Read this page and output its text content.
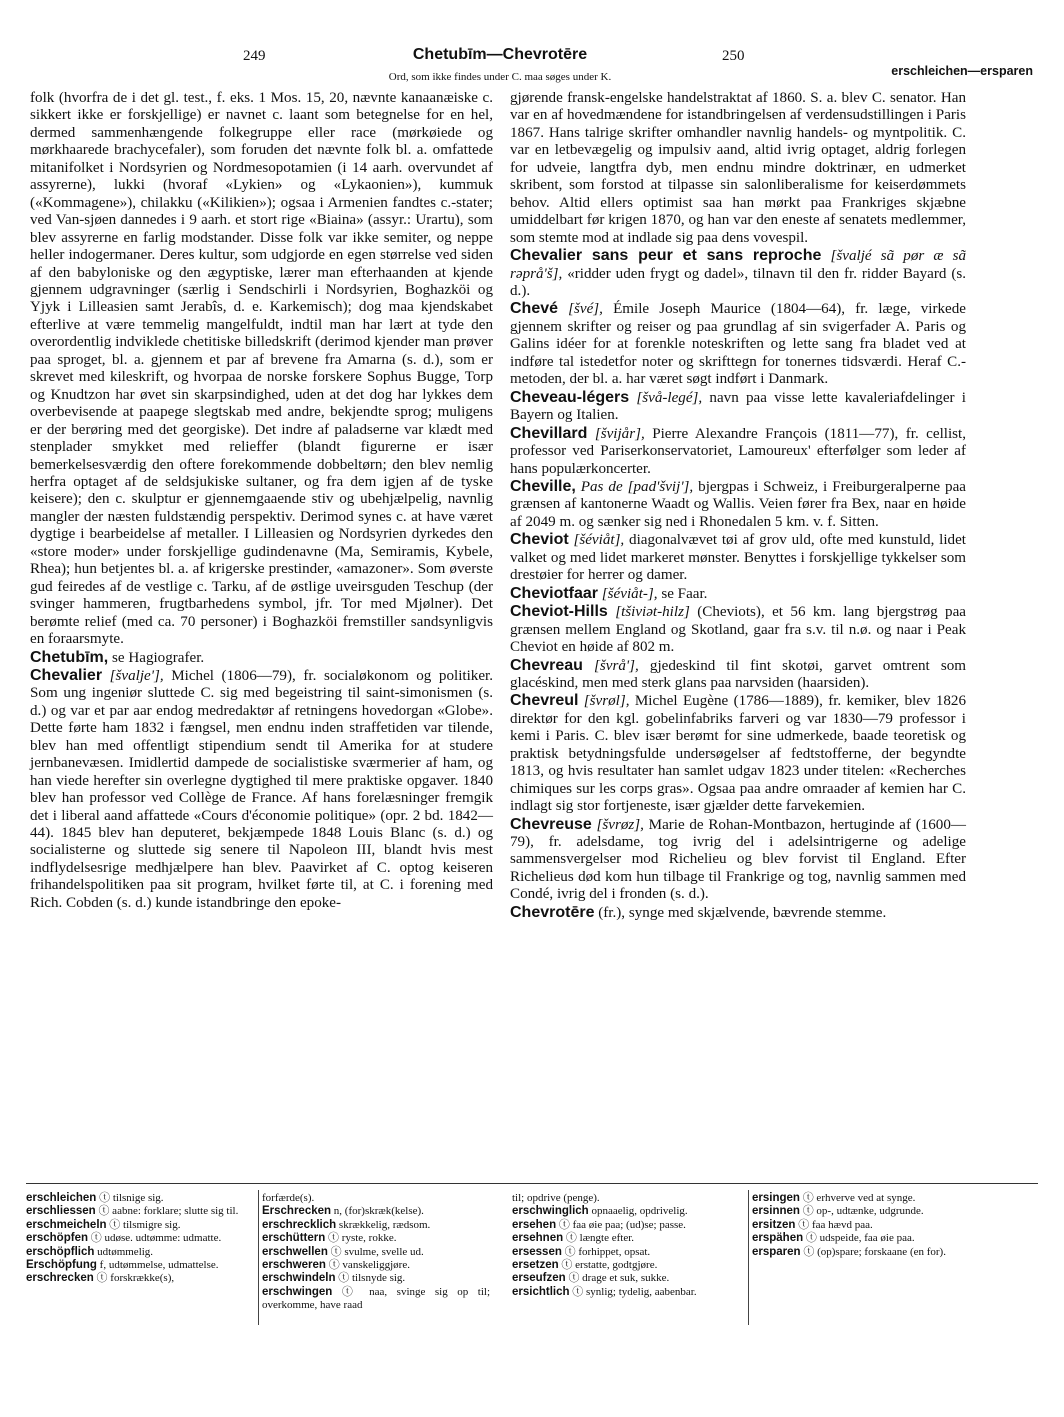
249	Chetubīm—Chevrotēre	250
Ord, som ikke findes under C. maa søges under K.	erschleichen—ersparen

folk (hvorfra de i det gl. test., f. eks. 1 Mos. 15, 20, nævnte kanaanæiske c. sikkert ikke er forskjellige) er navnet c. laant som betegnelse for en hel, dermed sammenhængende folkegruppe eller race (mørkøiede og mørkhaarede brachycefaler), som foruden det nævnte folk bl. a. omfattede mitanifolket i Nordsyrien og Nordmesopotamien (i 14 aarh. overvundet af assyrerne), lukki (hvoraf «Lykien» og «Lykaonien»), kummuk («Kommagene»), chilakku («Kilikien»); ogsaa i Armenien fandtes c.-stater; ved Van-sjøen dannedes i 9 aarh. et stort rige «Biaina» (assyr.: Urartu), som blev assyrerne en farlig modstander. Disse folk var ikke semiter, og neppe heller indogermaner. Deres kultur, som udgjorde en egen størrelse ved siden af den babyloniske og den ægyptiske, lærer man efterhaanden at kjende gjennem udgravninger (særlig i Sendschirli i Nordsyrien, Boghazköi og Yjyk i Lilleasien samt Jerabîs, d. e. Karkemisch); dog maa kjendskabet efterlive at være temmelig mangelfuldt, indtil man har lært at tyde den overordentlig indviklede chetitiske billedskrift (derimod kjender man prøver paa sproget, bl. a. gjennem et par af brevene fra Amarna (s. d.), som er skrevet med kileskrift, og hvorpaa de norske forskere Sophus Bugge, Torp og Knudtzon har øvet sin skarpsindighed, uden at det dog har lykkes dem overbevisende at paapege slegtskab med andre, bekjendte sprog; muligens er der berøring med det georgiske). Det indre af paladserne var klædt med stenplader smykket med relieffer (blandt figurerne er især bemerkelsesværdig den oftere forekommende dobbeltørn; den blev nemlig herfra optaget af de seldsjukiske sultaner, og fra dem igjen af de tyske keisere); den c. skulptur er gjennemgaaende stiv og ubehjælpelig, navnlig mangler der næsten fuldstændig perspektiv. Derimod synes c. at have været dygtige i bearbeidelse af metaller. I Lilleasien og Nordsyrien dyrkedes den «store moder» under forskjellige gudindenavne (Ma, Semiramis, Kybele, Rhea); hun betjentes bl. a. af krigerske prestinder, «amazoner». Som øverste gud feiredes af de vestlige c. Tarku, af de østlige uveirsguden Teschup (der svinger hammeren, frugtbarhedens symbol, jfr. Tor med Mjølner). Det berømte relief (med ca. 70 personer) i Boghazköi fremstiller sandsynligvis en foraarsmyte.

Chetubīm, se Hagiografer.

Chevalier [švalje'], Michel (1806—79), fr. socialøkonom og politiker. Som ung ingeniør sluttede C. sig med begeistring til saint-simonismen (s. d.) og var et par aar endog medredaktør af retningens hovedorgan «Globe». Dette førte ham 1832 i fængsel, men endnu inden straffetiden var tilende, blev han med offentligt stipendium sendt til Amerika for at studere jernbanevæsen. Imidlertid dampede de socialistiske sværmerier af ham, og han viede herefter sin overlegne dygtighed til mere praktiske opgaver. 1840 blev han professor ved Collège de France. Af hans forelæsninger fremgik det i liberal aand affattede «Cours d'économie politique» (opr. 2 bd. 1842—44). 1845 blev han deputeret, bekjæmpede 1848 Louis Blanc (s. d.) og socialisterne og sluttede sig senere til Napoleon III, blandt hvis mest indflydelsesrige medhjælpere han blev. Paavirket af C. optog keiseren frihandelspolitiken paa sit program, hvilket førte til, at C. i forening med Rich. Cobden (s. d.) kunde istandbringe den epoke-

gjørende fransk-engelske handelstraktat af 1860. S. a. blev C. senator. Han var en af hovedmændene for istandbringelsen af verdensudstillingen i Paris 1867. Hans talrige skrifter omhandler navnlig handels- og myntpolitik. C. var en letbevægelig og impulsiv aand, altid ivrig optaget, aldrig forlegen for udveie, langtfra dyb, men endnu mindre doktrinær, en udmerket skribent, som forstod at tilpasse sin salonliberalisme for keiserdømmets behov. Altid ellers optimist saa han mørkt paa Frankriges skjæbne umiddelbart før krigen 1870, og han var den eneste af senatets medlemmer, som stemte mod at indlade sig paa dens vovespil.

Chevalier sans peur et sans reproche [švaljé sã pør æ sã rəprå'š], «ridder uden frygt og dadel», tilnavn til den fr. ridder Bayard (s. d.).

Chevé [švé], Émile Joseph Maurice (1804—64), fr. læge, virkede gjennem skrifter og reiser og paa grundlag af sin svigerfader A. Paris og Galins idéer for at forenkle noteskriften og lette sang fra bladet ved at indføre tal istedetfor noter og skrifttegn for tonernes tidsværdi. Heraf C.-metoden, der bl. a. har været søgt indført i Danmark.

Cheveau-légers [švå-legé], navn paa visse lette kavaleriafdelinger i Bayern og Italien.

Chevillard [švijår], Pierre Alexandre François (1811—77), fr. cellist, professor ved Pariserkonservatoriet, Lamoureux' efterfølger som leder af hans populærkoncerter.

Cheville, Pas de [pad'švij'], bjergpas i Schweiz, i Freiburgeralperne paa grænsen af kantonerne Waadt og Wallis. Veien fører fra Bex, naar en høide af 2049 m. og sænker sig ned i Rhonedalen 5 km. v. f. Sitten.

Cheviot [šéviåt], diagonalvævet tøi af grov uld, ofte med kunstuld, lidet valket og med lidet markeret mønster. Benyttes i forskjellige tykkelser som drestøier for herrer og damer.

Cheviotfaar [šéviåt-], se Faar.

Cheviot-Hills [tšiviət-hilz] (Cheviots), et 56 km. lang bjergstrøg paa grænsen mellem England og Skotland, gaar fra s.v. til n.ø. og naar i Peak Cheviot en høide af 802 m.

Chevreau [švrå'], gjedeskind til fint skotøi, garvet omtrent som glacéskind, men med sterk glans paa narvsiden (haarsiden).

Chevreul [švrøl], Michel Eugène (1786—1889), fr. kemiker, blev 1826 direktør for den kgl. gobelinfabriks farveri og var 1830—79 professor i kemi i Paris. C. blev især berømt for sine udmerkede, baade teoretisk og praktisk betydningsfulde undersøgelser af fedtstofferne, der begyndte 1813, og hvis resultater han samlet udgav 1823 under titelen: «Recherches chimiques sur les corps gras». Ogsaa paa andre omraader af kemien har C. indlagt sig stor fortjeneste, især gjælder dette farvekemien.

Chevreuse [švrøz], Marie de Rohan-Montbazon, hertuginde af (1600—79), fr. adelsdame, tog ivrig del i adelsintrigerne og adelige sammensvergelser mod Richelieu og blev forvist til England. Efter Richelieus død kom hun tilbage til Frankrige og tog, navnlig sammen med Condé, ivrig del i fronden (s. d.).

Chevrotēre (fr.), synge med skjælvende, bævrende stemme.

erschleichen ⓣ tilsnige sig.

erschliessen ⓣ aabne: forklare; slutte sig til.

erschmeicheln ⓣ tilsmigre sig.

erschöpfen ⓣ udøse. udtømme: udmatte.

erschöpflich udtømmelig.

Erschöpfung f, udtømmelse, udmattelse.

erschrecken ⓣ forskrække(s),

forfærde(s).

Erschrecken n, (for)skræk(kelse).

erschrecklich skrækkelig, rædsom.

erschüttern ⓣ ryste, rokke.

erschwellen ⓣ svulme, svelle ud.

erschweren ⓣ vanskeliggjøre.

erschwindeln ⓣ tilsnyde sig.

erschwingen ⓣ naa, svinge sig op til; overkomme, have raad

til; opdrive (penge).

erschwinglich opnaaelig, opdrivelig.

ersehen ⓣ faa øie paa; (ud)se; passe.

ersehnen ⓣ længte efter.

ersessen ⓣ forhippet, opsat.

ersetzen ⓣ erstatte, godtgjøre.

erseufzen ⓣ drage et suk, sukke.

ersichtlich ⓣ synlig; tydelig, aabenbar.

ersingen ⓣ erhverve ved at synge.

ersinnen ⓣ op-, udtænke, udgrunde.

ersitzen ⓣ faa hævd paa.

erspähen ⓣ udspeide, faa øie paa.

ersparen ⓣ (op)spare; forskaane (en for).
